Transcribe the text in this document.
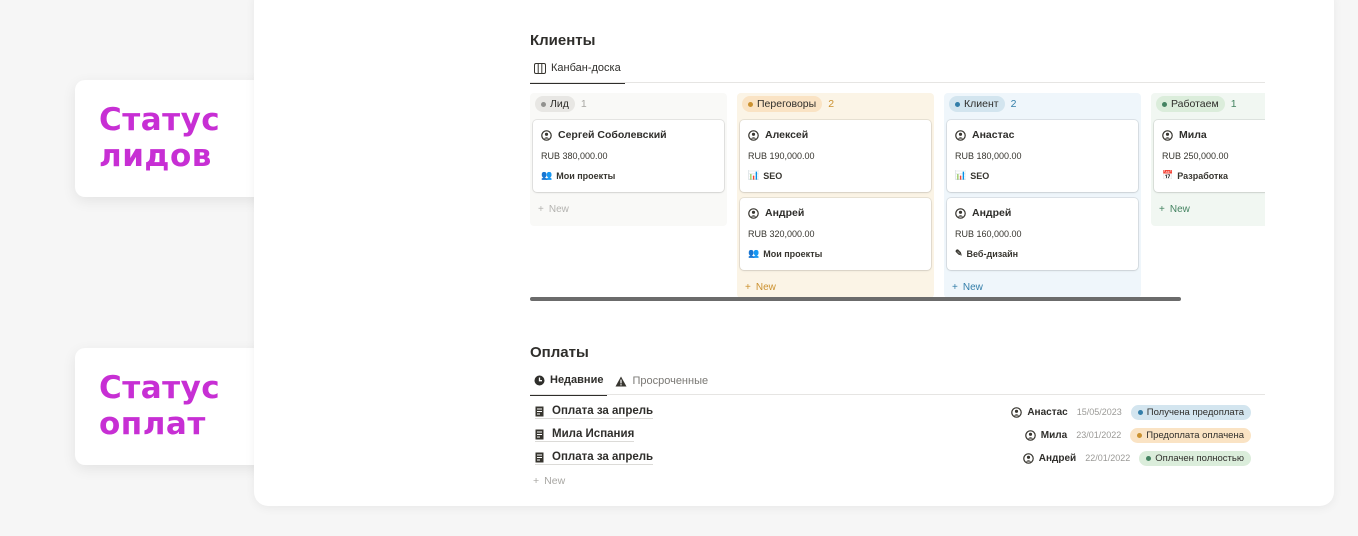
Статус
лидов
Статус
оплат
Клиенты
Канбан-доска
Лид 1
Сергей Соболевский
RUB 380,000.00
👥 Мои проекты
+ New
Переговоры 2
Алексей
RUB 190,000.00
📊 SEO
Андрей
RUB 320,000.00
👥 Мои проекты
+ New
Клиент 2
Анастас
RUB 180,000.00
📊 SEO
Андрей
RUB 160,000.00
✎ Веб-дизайн
+ New
Работаем 1
Мила
RUB 250,000.00
📅 Разработка
+ New
Оплаты
Недавние	Просроченные
Оплата за апрель	Анастас 15/05/2023	Получена предоплата
Мила Испания	Мила 23/01/2022	Предоплата оплачена
Оплата за апрель	Андрей 22/01/2022	Оплачен полностью
+ New
